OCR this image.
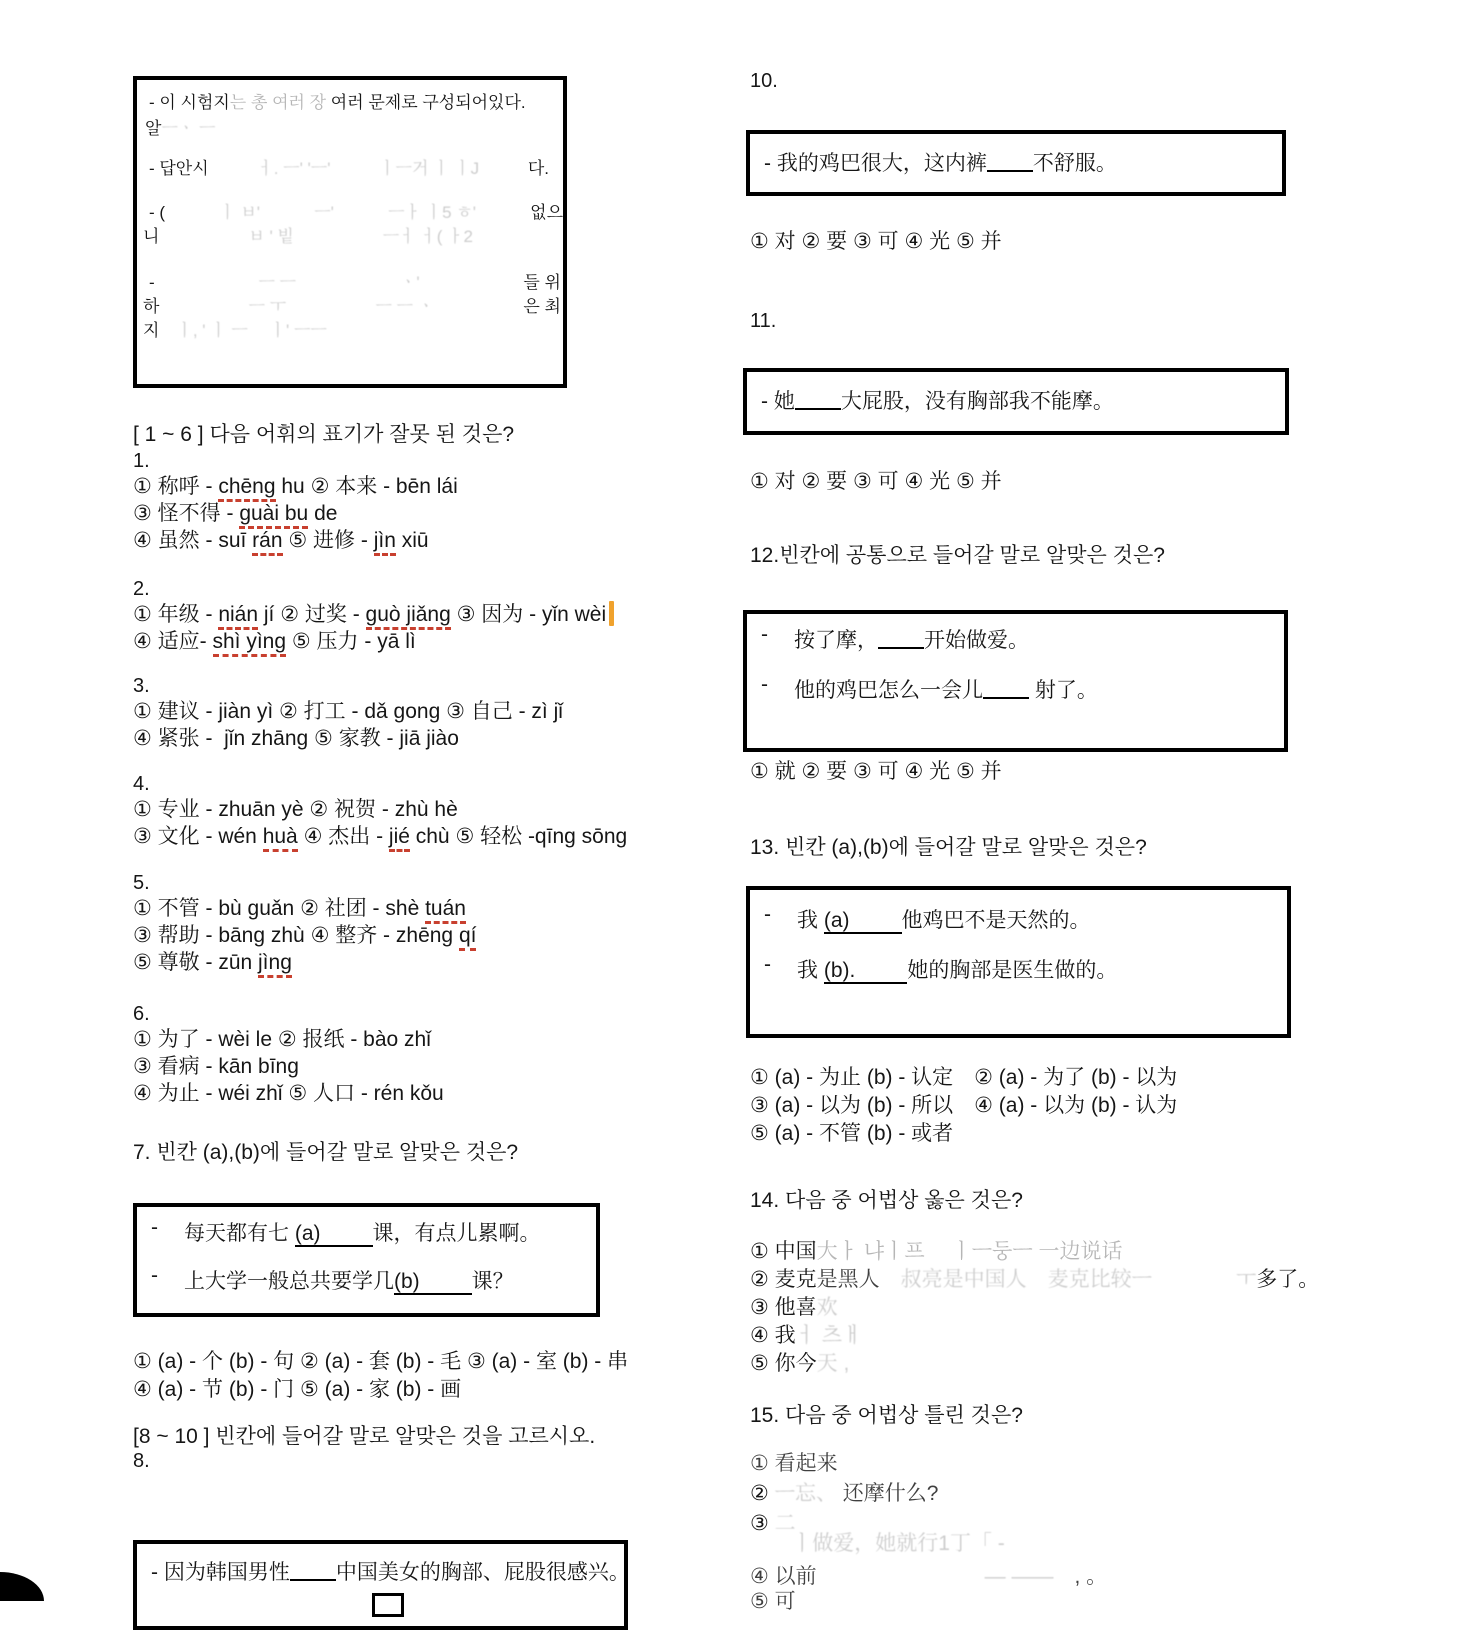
- 이 시험지는 총 여러 장 여러 문제로 구성되어있다.
알ㅡㆍ ㅡ
- 답안시	ㅓ. ㅡ' 'ㅡ'	ㅣㅡ거 ㅣ ㅣJ	다.
- (	ㅣ ㅂ'	ㅡ'	ㅡㅏ ㅣ5 ㅎ'	없으
니	ㅂ ' 빝	ㅡㅓ ㅓ( ㅏ2
-	ㅡ ㅡ	ㆍ'	들 위
하	ㅡ ㅜ	ㅡ ㅡ ㆍ	은 최
지　ㅣ, ' ㅣ ㅡ　 ㅣ' ㅡㅡ
[ 1 ~ 6 ] 다음 어휘의 표기가 잘못 된 것은?
1.
① 称呼 - chēng hu ② 本来 - bēn lái
③ 怪不得 - guài bu de
④ 虽然 - suī rán ⑤ 进修 - jìn xiū
2.
① 年级 - nián jí ② 过奖 - guò jiǎng ③ 因为 - yǐn wèi
④ 适应- shì yìng ⑤ 压力 - yā lì
3.
① 建议 - jiàn yì ② 打工 - dǎ gong ③ 自己 - zì jǐ
④ 紧张 -  jǐn zhāng ⑤ 家教 - jiā jiào
4.
① 专业 - zhuān yè ② 祝贺 - zhù hè
③ 文化 - wén huà ④ 杰出 - jié chù ⑤ 轻松 -qīng sōng
5.
① 不管 - bù guǎn ② 社团 - shè tuán
③ 帮助 - bāng zhù ④ 整齐 - zhēng qí
⑤ 尊敬 - zūn jìng
6.
① 为了 - wèi le ② 报纸 - bào zhǐ
③ 看病 - kān bīng
④ 为止 - wéi zhǐ ⑤ 人口 - rén kǒu
7. 빈칸 (a),(b)에 들어갈 말로 알맞은 것은?
- 每天都有七 (a) 课，有点儿累啊。
- 上大学一般总共要学几(b) 课？
① (a) - 个 (b) - 句 ② (a) - 套 (b) - 毛 ③ (a) - 室 (b) - 串
④ (a) - 节 (b) - 门 ⑤ (a) - 家 (b) - 画
[8 ~ 10 ] 빈칸에 들어갈 말로 알맞은 것을 고르시오.
8.
- 因为韩国男性 中国美女的胸部、屁股很感兴。
10.
- 我的鸡巴很大，这内裤 不舒服。
① 对 ② 要 ③ 可 ④ 光 ⑤ 并
11.
- 她 大屁股，没有胸部我不能摩。
① 对 ② 要 ③ 可 ④ 光 ⑤ 并
12.빈칸에 공통으로 들어갈 말로 알맞은 것은?
- 按了摩， 开始做爱。
- 他的鸡巴怎么一会儿 射了。
① 就 ② 要 ③ 可 ④ 光 ⑤ 并
13. 빈칸 (a),(b)에 들어갈 말로 알맞은 것은?
- 我 (a) 他鸡巴不是天然的。
- 我 (b). 她的胸部是医生做的。
① (a) - 为止 (b) - 认定　② (a) - 为了 (b) - 以为
③ (a) - 以为 (b) - 所以　④ (a) - 以为 (b) - 认为
⑤ (a) - 不管 (b) - 或者
14. 다음 중 어법상 옳은 것은?
① 中国大ㅏ 냐ㅣ프　 ㅣㅡ둥ㅡ 一边说话
② 麦克是黑人　叔亮是中国人　麦克比较ㅡ　　　　ㅜ多了。
③ 他喜欢
④ 我ㅓ 츠ㅐ
⑤ 你今天 ,
15. 다음 중 어법상 틀린 것은?
① 看起来
② ㅡ忘、 还摩什么?
③ 二
　　ㅣ做爱，她就行1丁「 -
④ 以前　　　　　　　　— ——　, 。
⑤ 可
